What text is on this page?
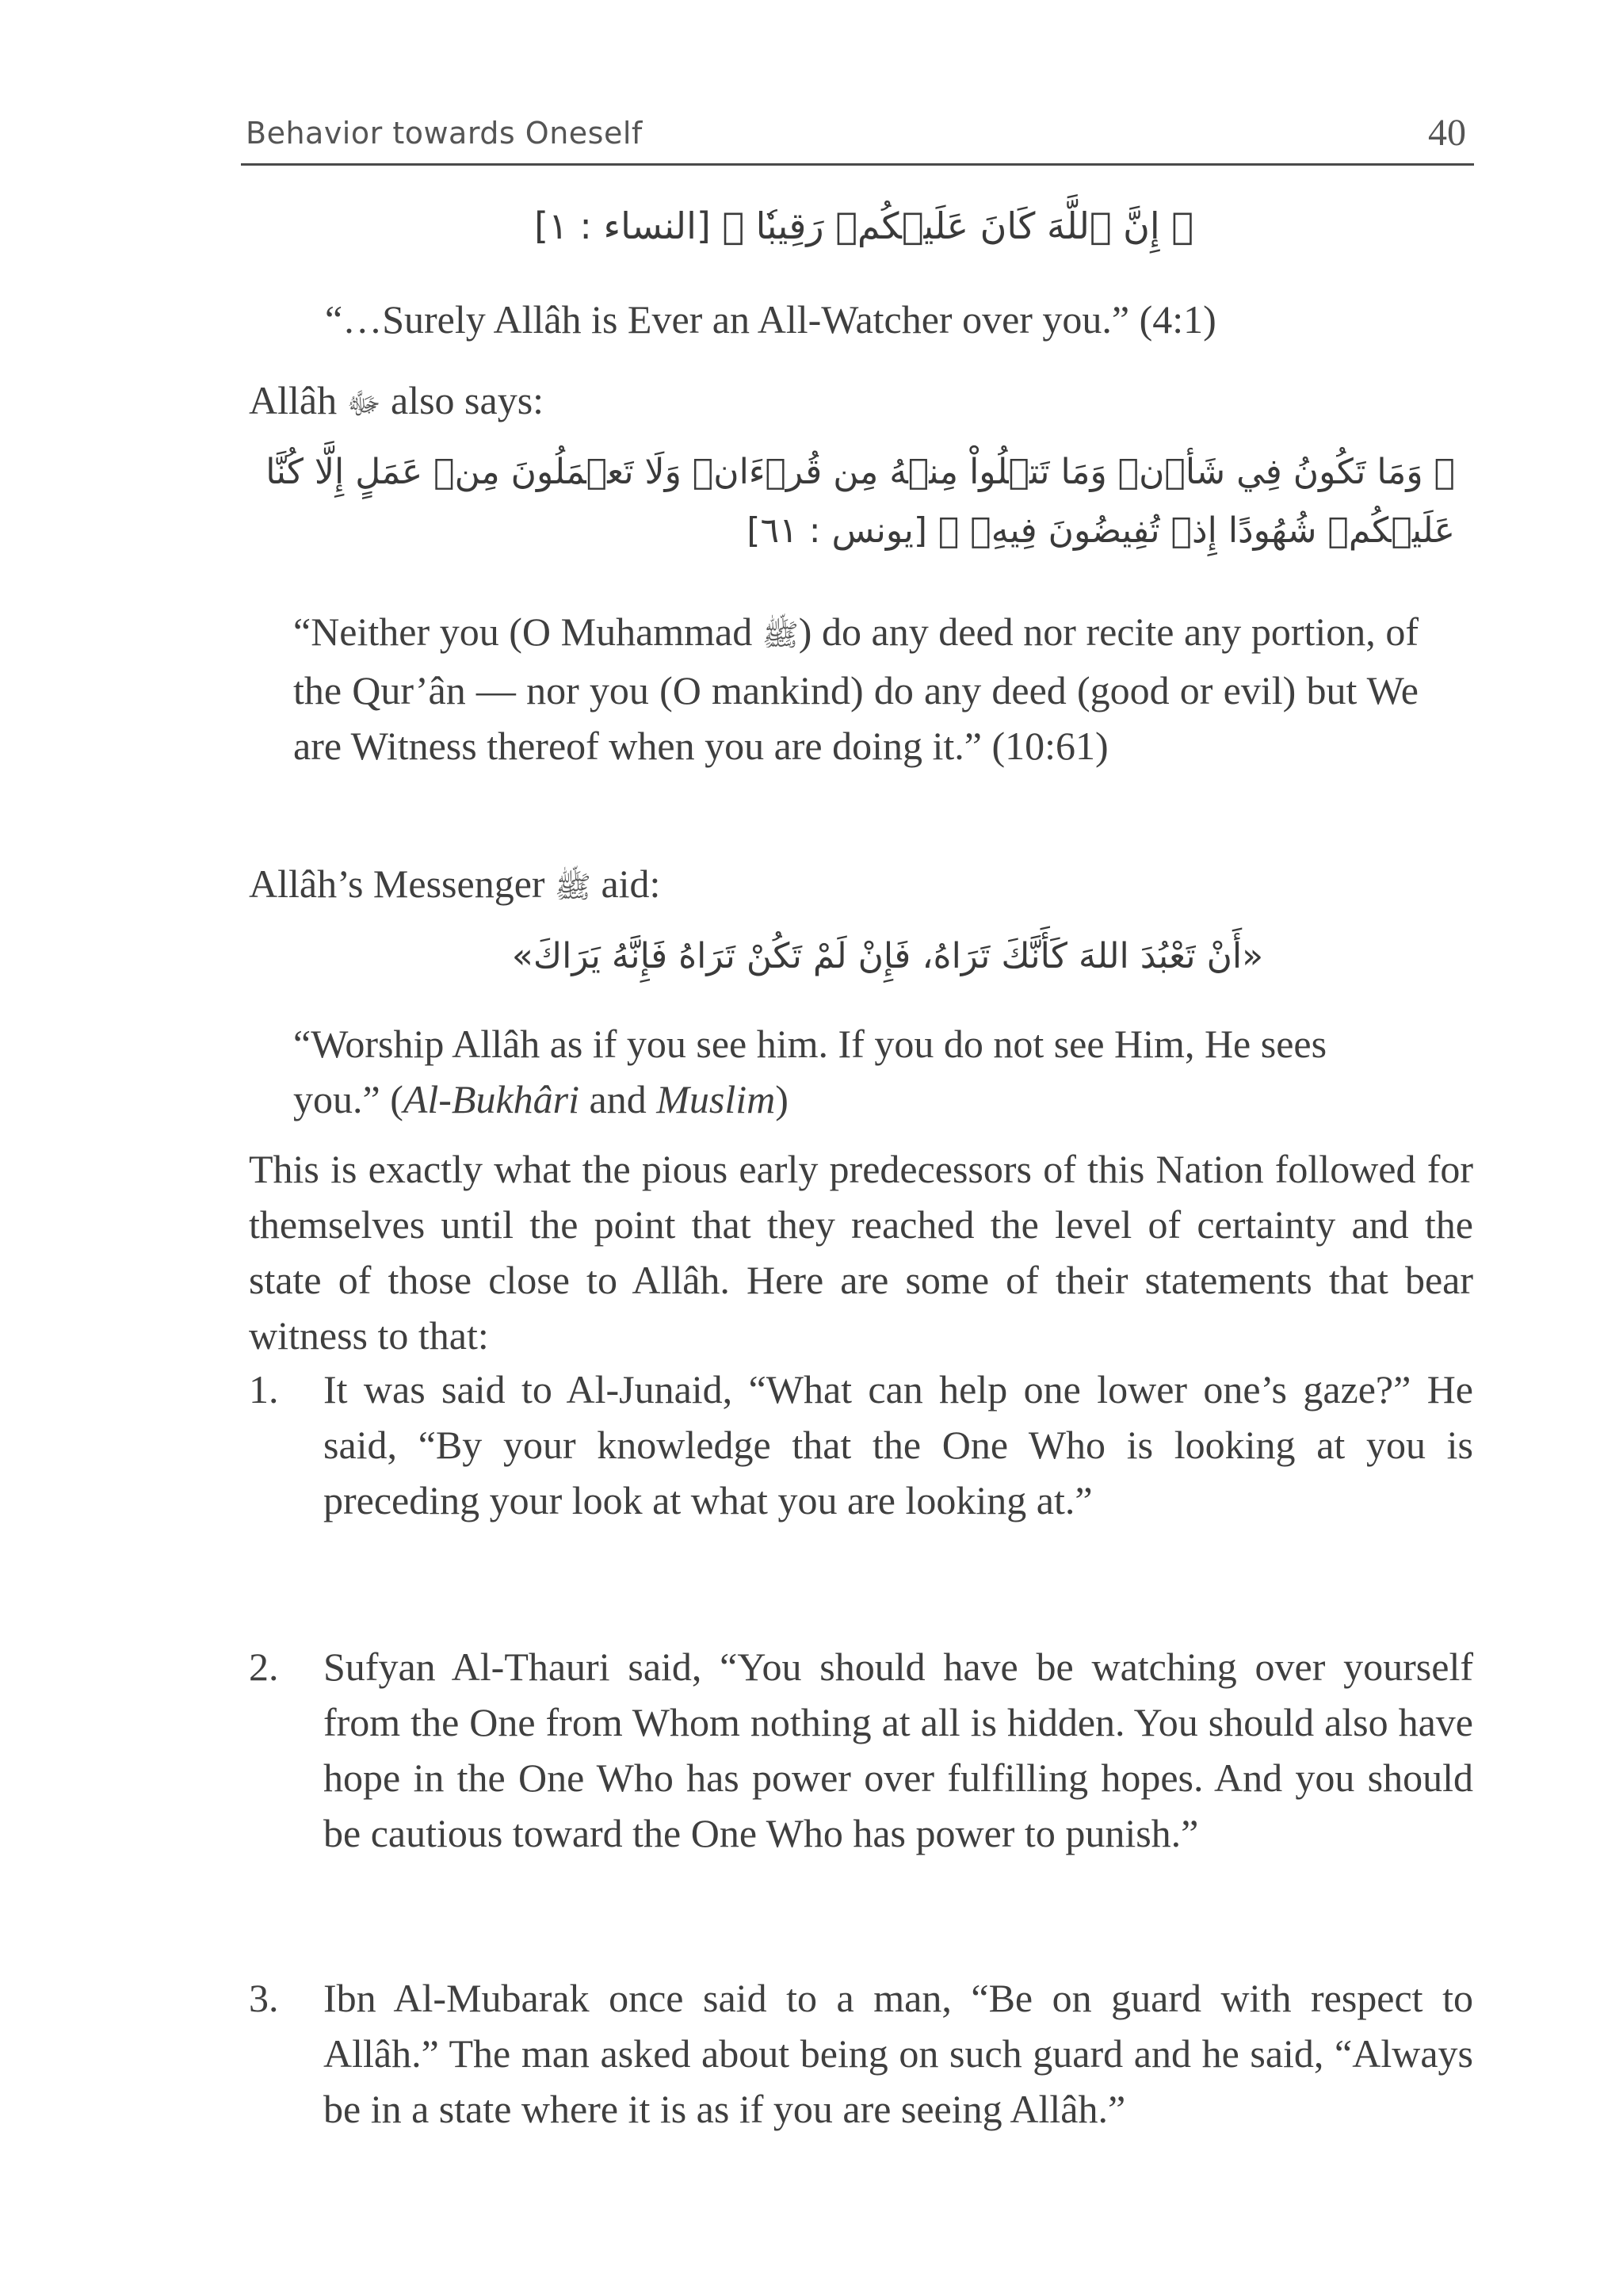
Behavior towards Oneself	40
﴿ إِنَّ ٱللَّهَ كَانَ عَلَيۡكُمۡ رَقِيبٗا ﴾ [النساء : ١]
“…Surely Allâh is Ever an All-Watcher over you.” (4:1)
Allâh ﷻ also says:
﴿ وَمَا تَكُونُ فِي شَأۡنٖ وَمَا تَتۡلُواْ مِنۡهُ مِن قُرۡءَانٖ وَلَا تَعۡمَلُونَ مِنۡ عَمَلٍ إِلَّا كُنَّا
عَلَيۡكُمۡ شُهُودًا إِذۡ تُفِيضُونَ فِيهِۚ ﴾ [يونس : ٦١]
“Neither you (O Muhammad ﷺ) do any deed nor recite any portion, of the Qur’ân — nor you (O mankind) do any deed (good or evil) but We are Witness thereof when you are doing it.” (10:61)
Allâh’s Messenger ﷺ aid:
«أَنْ تَعْبُدَ اللهَ كَأَنَّكَ تَرَاهُ، فَإِنْ لَمْ تَكُنْ تَرَاهُ فَإِنَّهُ يَرَاكَ»
“Worship Allâh as if you see him. If you do not see Him, He sees you.” (Al-Bukhâri and Muslim)
This is exactly what the pious early predecessors of this Nation followed for themselves until the point that they reached the level of certainty and the state of those close to Allâh. Here are some of their statements that bear witness to that:
1. It was said to Al-Junaid, “What can help one lower one’s gaze?” He said, “By your knowledge that the One Who is looking at you is preceding your look at what you are looking at.”
2. Sufyan Al-Thauri said, “You should have be watching over yourself from the One from Whom nothing at all is hidden. You should also have hope in the One Who has power over fulfilling hopes. And you should be cautious toward the One Who has power to punish.”
3. Ibn Al-Mubarak once said to a man, “Be on guard with respect to Allâh.” The man asked about being on such guard and he said, “Always be in a state where it is as if you are seeing Allâh.”
